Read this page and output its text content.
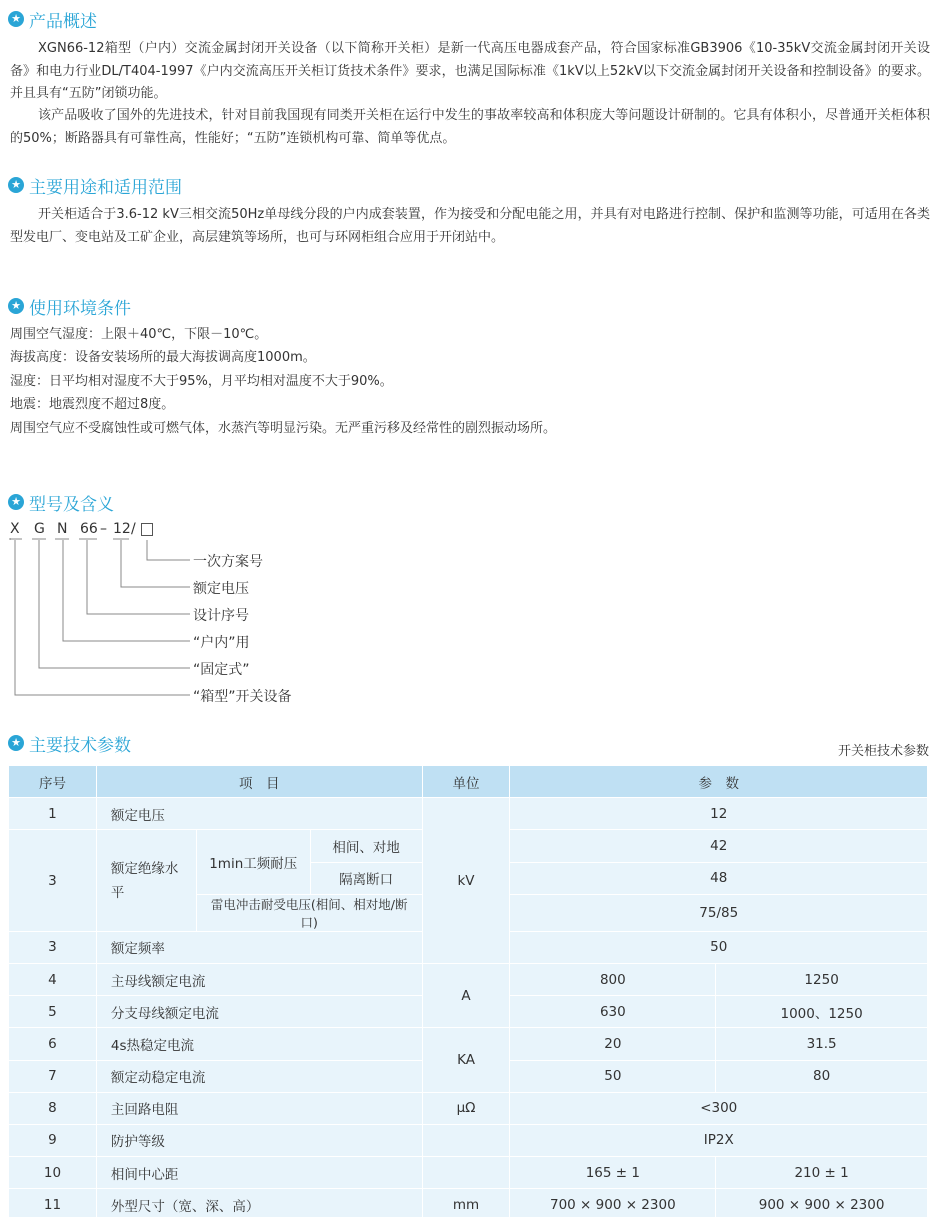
★ 产品概述
XGN66-12箱型（户内）交流金属封闭开关设备（以下简称开关柜）是新一代高压电器成套产品，符合国家标准GB3906《10-35kV交流金属封闭开关设备》和电力行业DL/T404-1997《户内交流高压开关柜订货技术条件》要求，也满足国际标准《1kV以上52kV以下交流金属封闭开关设备和控制设备》的要求。并且具有“五防”闭锁功能。
该产品吸收了国外的先进技术，针对目前我国现有同类开关柜在运行中发生的事故率较高和体积庞大等问题设计研制的。它具有体积小，尽普通开关柜体积的50%；断路器具有可靠性高，性能好；“五防”连锁机构可靠、简单等优点。
★ 主要用途和适用范围
开关柜适合于3.6-12 kV三相交流50Hz单母线分段的户内成套装置，作为接受和分配电能之用，并具有对电路进行控制、保护和监测等功能，可适用在各类型发电厂、变电站及工矿企业，高层建筑等场所，也可与环网柜组合应用于开闭站中。
★ 使用环境条件
周围空气湿度：上限＋40℃，下限－10℃。
海拔高度：设备安装场所的最大海拔调高度1000m。
湿度：日平均相对湿度不大于95%，月平均相对温度不大于90%。
地震：地震烈度不超过8度。
周围空气应不受腐蚀性或可燃气体，水蒸汽等明显污染。无严重污移及经常性的剧烈振动场所。
★ 型号及含义
X G N 66 – 12 /
一次方案号
额定电压
设计序号
“户内”用
“固定式”
“箱型”开关设备
★ 主要技术参数	开关柜技术参数
序号	项　目			单位	参　数	
1	额定电压			kV	12	
3	额定绝缘水平	1min工频耐压	相间、对地		42	
			隔离断口		48	
		雷电冲击耐受电压(相间、相对地/断口)			75/85	
3	额定频率				50	
4	主母线额定电流			A	800	1250
5	分支母线额定电流				630	1000、1250
6	4s热稳定电流			KA	20	31.5
7	额定动稳定电流				50	80
8	主回路电阻			μΩ	<300	
9	防护等级				IP2X	
10	相间中心距				165 ± 1	210 ± 1
11	外型尺寸（宽、深、高）			mm	700 × 900 × 2300	900 × 900 × 2300
